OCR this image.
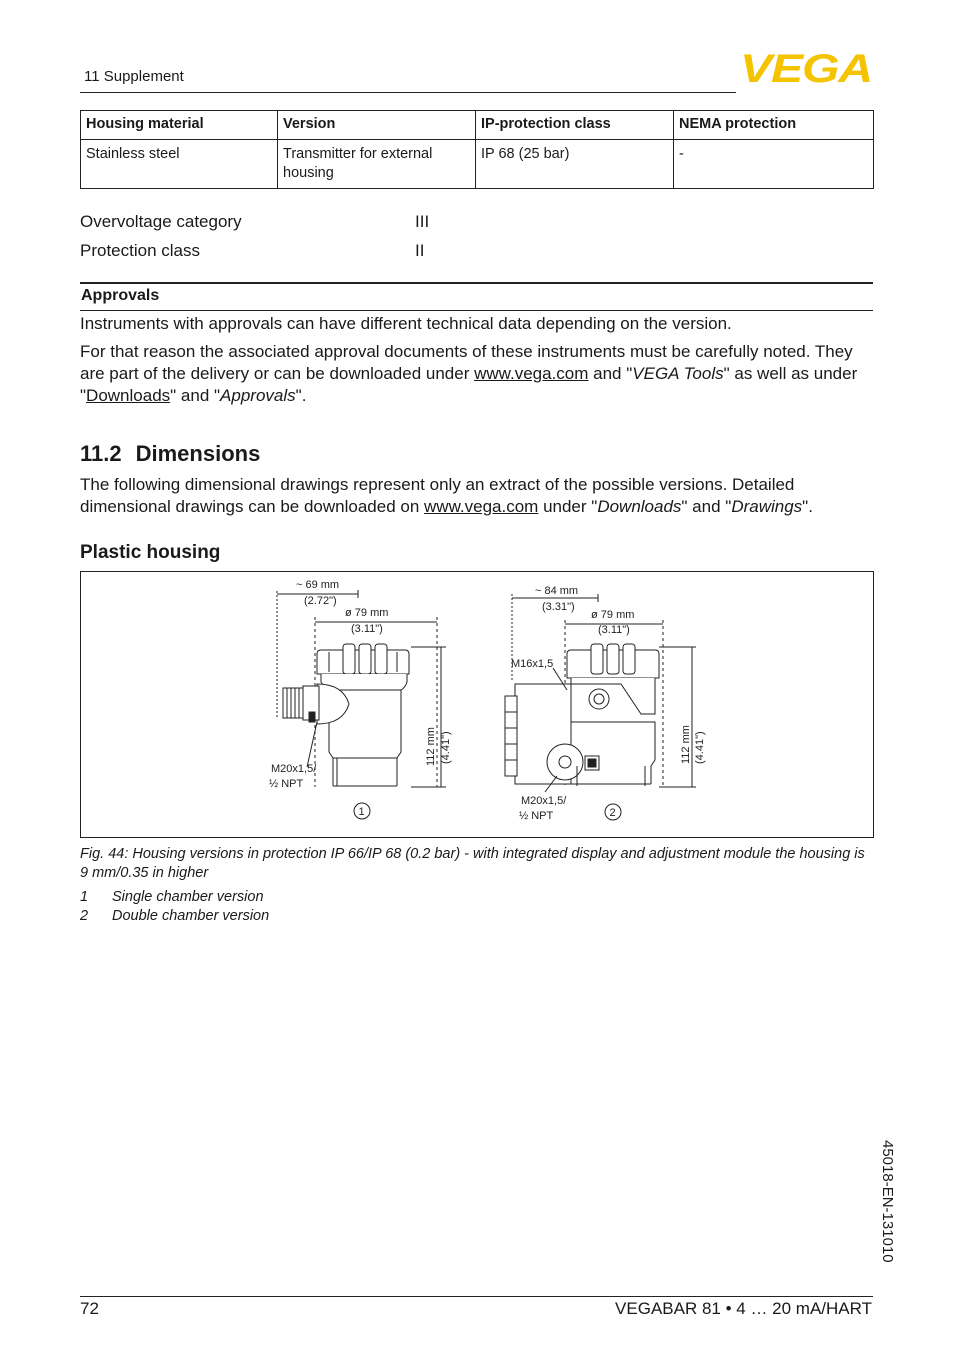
11 Supplement	VEGA
Housing material	Version	IP-protection class	NEMA protection
Stainless steel	Transmitter for external housing	IP 68 (25 bar)	-
Overvoltage category	III
Protection class	II
Approvals
Instruments with approvals can have different technical data depending on the version.
For that reason the associated approval documents of these instruments must be carefully noted. They are part of the delivery or can be downloaded under www.vega.com and "VEGA Tools" as well as under "Downloads" and "Approvals".
11.2 Dimensions
The following dimensional drawings represent only an extract of the possible versions. Detailed dimensional drawings can be downloaded on www.vega.com under "Downloads" and "Drawings".
Plastic housing
~ 69 mm
(2.72")
ø 79 mm
(3.11")
112 mm (4.41")
M20x1,5/
½ NPT
1
~ 84 mm
(3.31")
ø 79 mm
(3.11")
M16x1,5
112 mm (4.41")
M20x1,5/
½ NPT	2
Fig. 44: Housing versions in protection IP 66/IP 68 (0.2 bar) - with integrated display and adjustment module the housing is 9 mm/0.35 in higher
1 Single chamber version
2 Double chamber version
45018-EN-131010
72	VEGABAR 81 • 4 … 20 mA/HART
